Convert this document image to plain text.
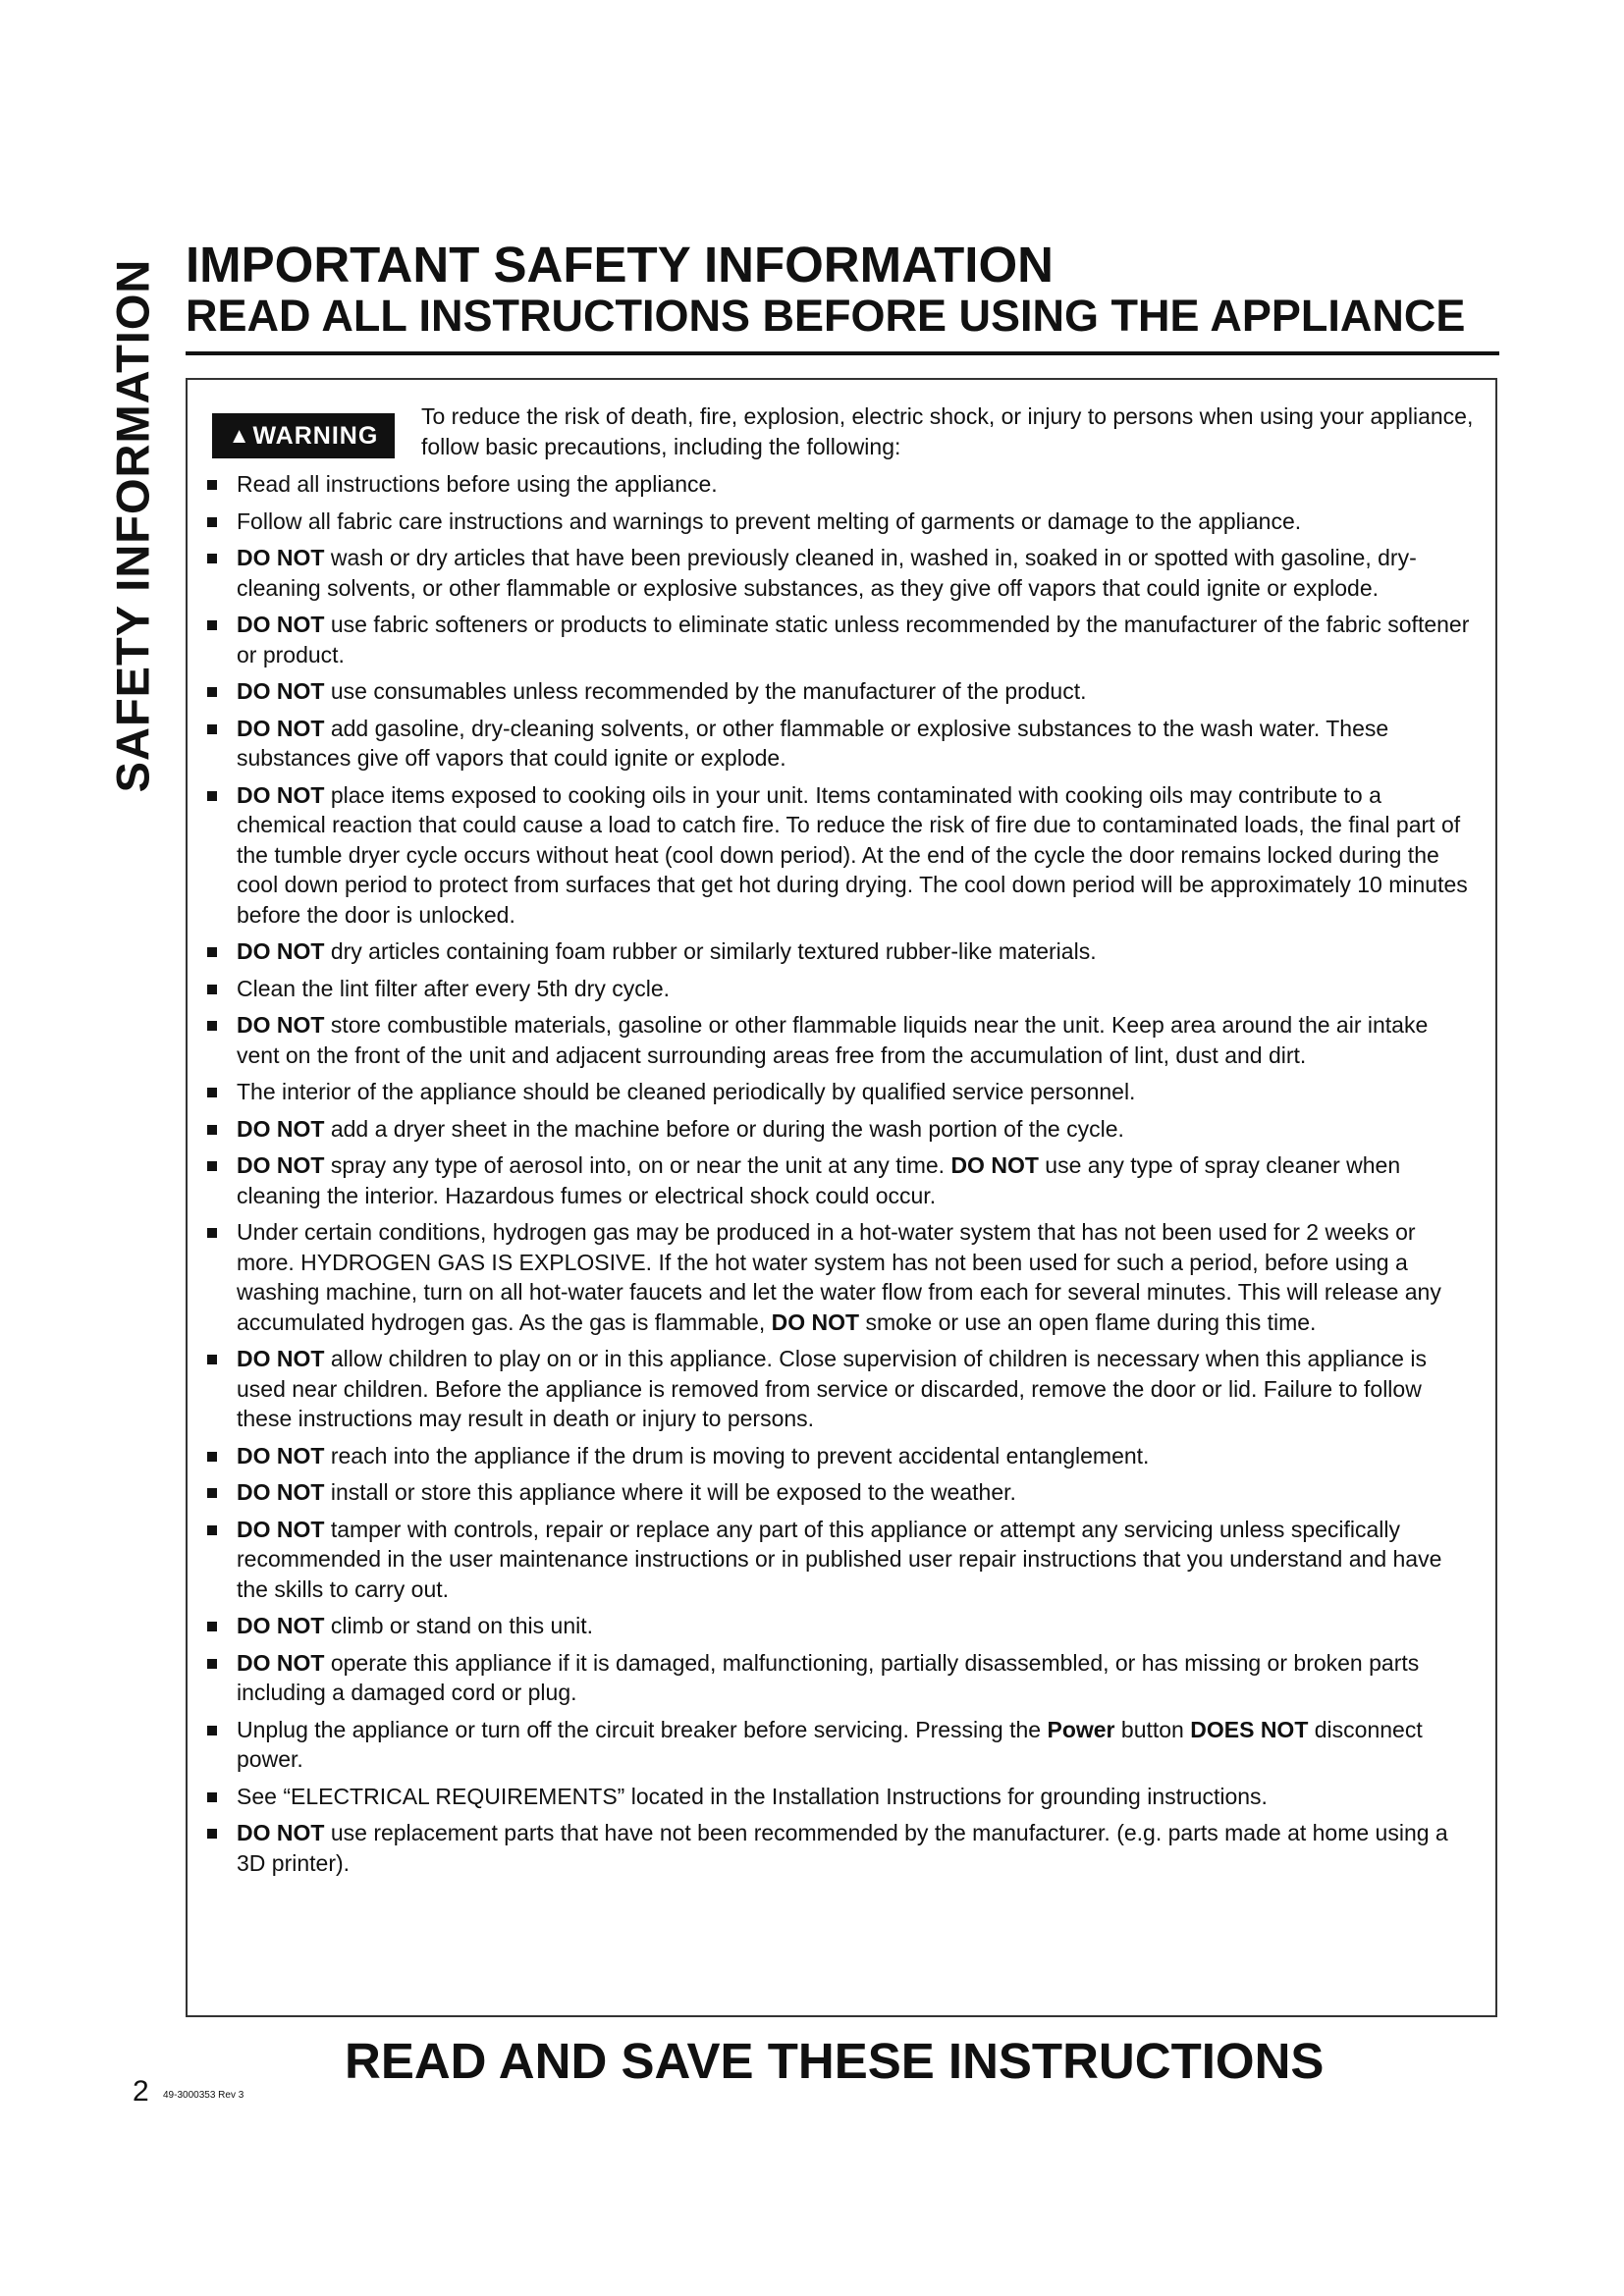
SAFETY INFORMATION IMPORTANT SAFETY INFORMATION
READ ALL INSTRUCTIONS BEFORE USING THE APPLIANCE
▲ WARNING
To reduce the risk of death, fire, explosion, electric shock, or injury to persons when using your appliance, follow basic precautions, including the following:
Read all instructions before using the appliance.
Follow all fabric care instructions and warnings to prevent melting of garments or damage to the appliance.
DO NOT wash or dry articles that have been previously cleaned in, washed in, soaked in or spotted with gasoline, dry-cleaning solvents, or other flammable or explosive substances, as they give off vapors that could ignite or explode.
DO NOT use fabric softeners or products to eliminate static unless recommended by the manufacturer of the fabric softener or product.
DO NOT use consumables unless recommended by the manufacturer of the product.
DO NOT add gasoline, dry-cleaning solvents, or other flammable or explosive substances to the wash water. These substances give off vapors that could ignite or explode.
DO NOT place items exposed to cooking oils in your unit. Items contaminated with cooking oils may contribute to a chemical reaction that could cause a load to catch fire. To reduce the risk of fire due to contaminated loads, the final part of the tumble dryer cycle occurs without heat (cool down period). At the end of the cycle the door remains locked during the cool down period to protect from surfaces that get hot during drying. The cool down period will be approximately 10 minutes before the door is unlocked.
DO NOT dry articles containing foam rubber or similarly textured rubber-like materials.
Clean the lint filter after every 5th dry cycle.
DO NOT store combustible materials, gasoline or other flammable liquids near the unit. Keep area around the air intake vent on the front of the unit and adjacent surrounding areas free from the accumulation of lint, dust and dirt.
The interior of the appliance should be cleaned periodically by qualified service personnel.
DO NOT add a dryer sheet in the machine before or during the wash portion of the cycle.
DO NOT spray any type of aerosol into, on or near the unit at any time. DO NOT use any type of spray cleaner when cleaning the interior. Hazardous fumes or electrical shock could occur.
Under certain conditions, hydrogen gas may be produced in a hot-water system that has not been used for 2 weeks or more. HYDROGEN GAS IS EXPLOSIVE. If the hot water system has not been used for such a period, before using a washing machine, turn on all hot-water faucets and let the water flow from each for several minutes. This will release any accumulated hydrogen gas. As the gas is flammable, DO NOT smoke or use an open flame during this time.
DO NOT allow children to play on or in this appliance. Close supervision of children is necessary when this appliance is used near children. Before the appliance is removed from service or discarded, remove the door or lid. Failure to follow these instructions may result in death or injury to persons.
DO NOT reach into the appliance if the drum is moving to prevent accidental entanglement.
DO NOT install or store this appliance where it will be exposed to the weather.
DO NOT tamper with controls, repair or replace any part of this appliance or attempt any servicing unless specifically recommended in the user maintenance instructions or in published user repair instructions that you understand and have the skills to carry out.
DO NOT climb or stand on this unit.
DO NOT operate this appliance if it is damaged, malfunctioning, partially disassembled, or has missing or broken parts including a damaged cord or plug.
Unplug the appliance or turn off the circuit breaker before servicing. Pressing the Power button DOES NOT disconnect power.
See “ELECTRICAL REQUIREMENTS” located in the Installation Instructions for grounding instructions.
DO NOT use replacement parts that have not been recommended by the manufacturer. (e.g. parts made at home using a 3D printer).
READ AND SAVE THESE INSTRUCTIONS
2 49-3000353 Rev 3
